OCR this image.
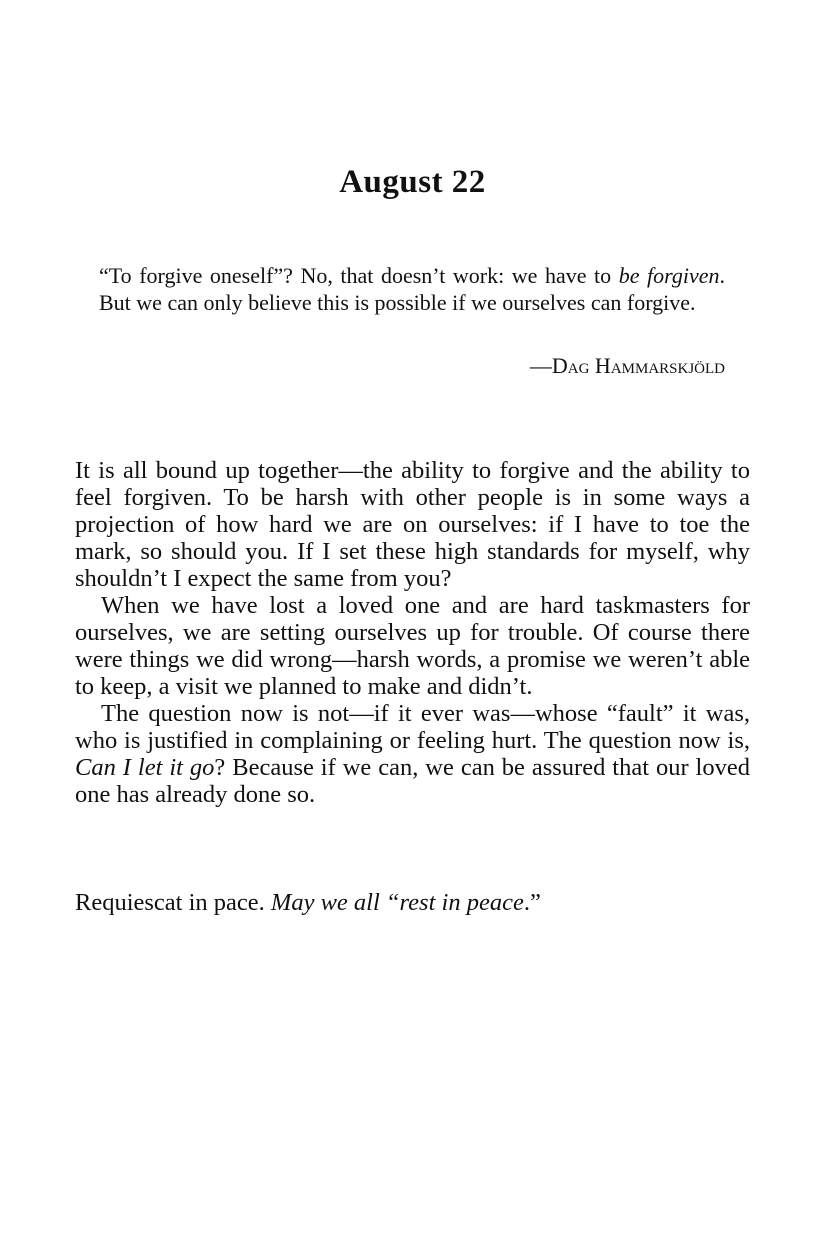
August 22

“To forgive oneself”? No, that doesn’t work: we have to be forgiven. But we can only believe this is possible if we ourselves can forgive.

—Dag Hammarskjöld

It is all bound up together—the ability to forgive and the ability to feel forgiven. To be harsh with other people is in some ways a projection of how hard we are on ourselves: if I have to toe the mark, so should you. If I set these high standards for myself, why shouldn’t I expect the same from you?

When we have lost a loved one and are hard taskmasters for ourselves, we are setting ourselves up for trouble. Of course there were things we did wrong—harsh words, a promise we weren’t able to keep, a visit we planned to make and didn’t.

The question now is not—if it ever was—whose “fault” it was, who is justified in complaining or feeling hurt. The question now is, Can I let it go? Because if we can, we can be assured that our loved one has already done so.

Requiescat in pace. May we all “rest in peace.”
